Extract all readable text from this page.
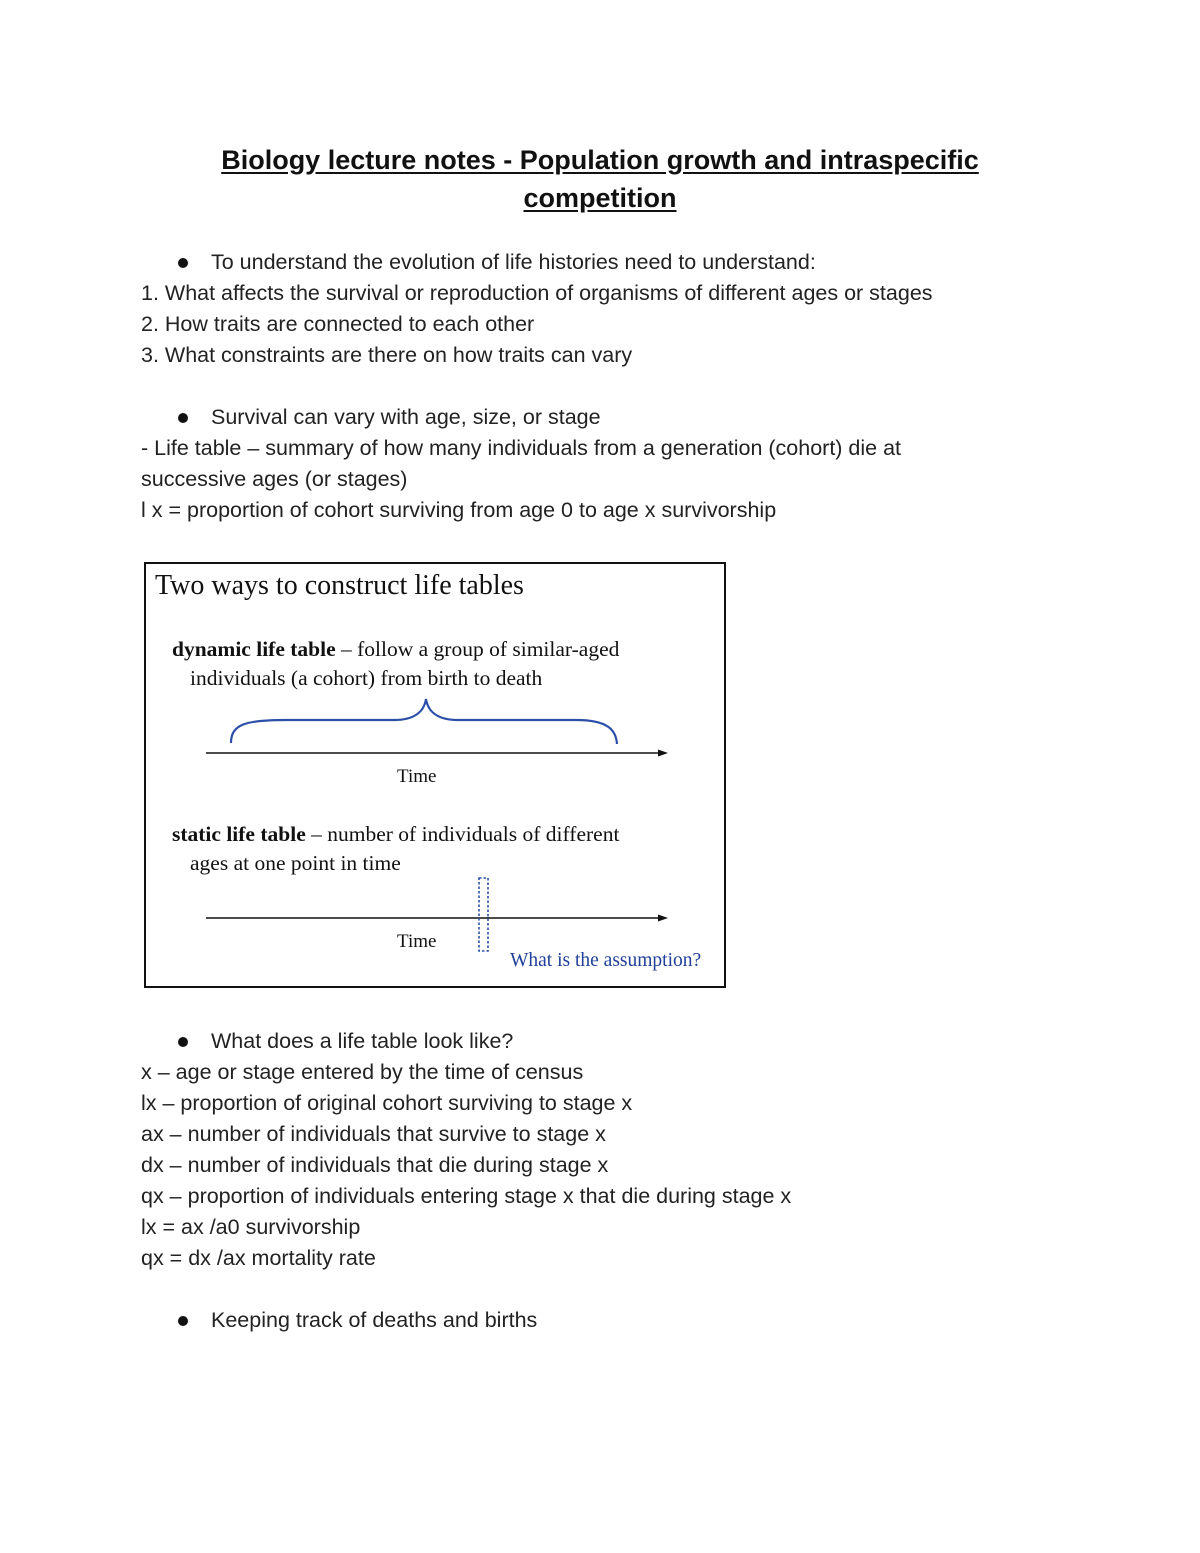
Biology lecture notes - Population growth and intraspecific
competition
To understand the evolution of life histories need to understand:
1. What affects the survival or reproduction of organisms of different ages or stages
2. How traits are connected to each other
3. What constraints are there on how traits can vary
Survival can vary with age, size, or stage
- Life table – summary of how many individuals from a generation (cohort) die at
successive ages (or stages)
l x = proportion of cohort surviving from age 0 to age x survivorship
Two ways to construct life tables
dynamic life table – follow a group of similar-aged
individuals (a cohort) from birth to death
Time
static life table – number of individuals of different
ages at one point in time
Time
What is the assumption?
What does a life table look like?
x – age or stage entered by the time of census
lx – proportion of original cohort surviving to stage x
ax – number of individuals that survive to stage x
dx – number of individuals that die during stage x
qx – proportion of individuals entering stage x that die during stage x
lx = ax /a0 survivorship
qx = dx /ax mortality rate
Keeping track of deaths and births
